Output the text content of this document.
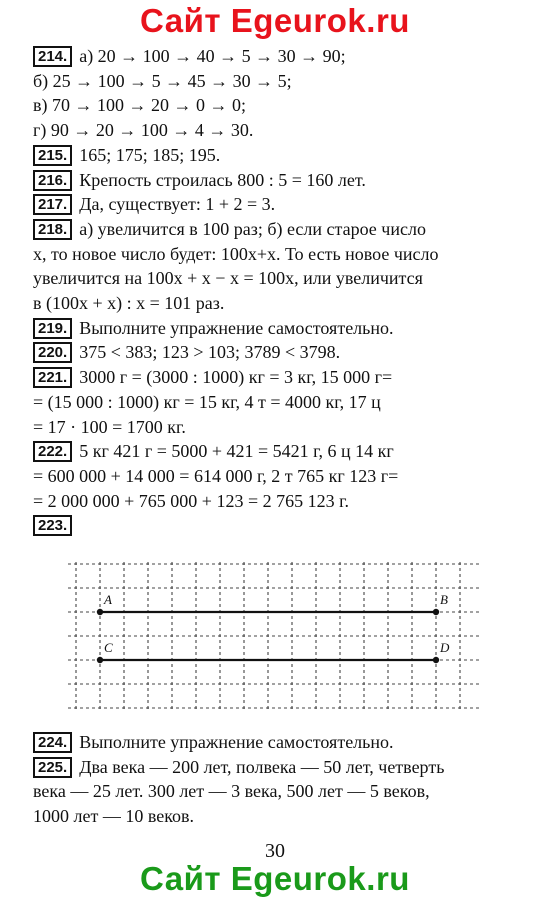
Сайт Egeurok.ru
214. а) 20 → 100 → 40 → 5 → 30 → 90;
б) 25 → 100 → 5 → 45 → 30 → 5;
в) 70 → 100 → 20 → 0 → 0;
г) 90 → 20 → 100 → 4 → 30.
215. 165; 175; 185; 195.
216. Крепость строилась 800 : 5 = 160 лет.
217. Да, существует: 1 + 2 = 3.
218. а) увеличится в 100 раз; б) если старое число
x, то новое число будет: 100x+x. То есть новое число
увеличится на 100x + x − x = 100x, или увеличится
в (100x + x) : x = 101 раз.
219. Выполните упражнение самостоятельно.
220. 375 < 383; 123 > 103; 3789 < 3798.
221. 3000 г = (3000 : 1000) кг = 3 кг, 15 000 г=
= (15 000 : 1000) кг = 15 кг, 4 т = 4000 кг, 17 ц
= 17 · 100 = 1700 кг.
222. 5 кг 421 г = 5000 + 421 = 5421 г, 6 ц 14 кг
= 600 000 + 14 000 = 614 000 г, 2 т 765 кг 123 г=
= 2 000 000 + 765 000 + 123 = 2 765 123 г.
223.
A	B
C	D
224. Выполните упражнение самостоятельно.
225. Два века — 200 лет, полвека — 50 лет, четверть
века — 25 лет. 300 лет — 3 века, 500 лет — 5 веков,
1000 лет — 10 веков.
30
Сайт Egeurok.ru
